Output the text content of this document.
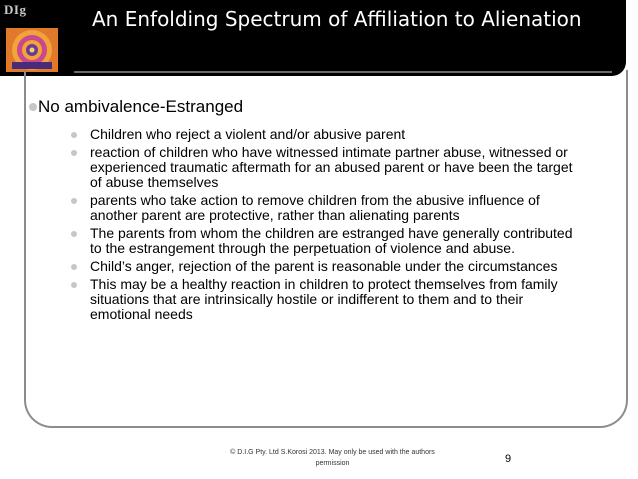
DIg	An Enfolding Spectrum of Affiliation to Alienation
No ambivalence-Estranged
Children who reject a violent and/or abusive parent
reaction of children who have witnessed intimate partner abuse, witnessed or experienced traumatic aftermath for an abused parent or have been the target of abuse themselves
parents who take action to remove children from the abusive influence of another parent are protective, rather than alienating parents
The parents from whom the children are estranged have generally contributed to the estrangement through the perpetuation of violence and abuse.
Child’s anger, rejection of the parent is reasonable under the circumstances
This may be a healthy reaction in children to protect themselves from family situations that are intrinsically hostile or indifferent to them and to their emotional needs
© D.I.G Pty. Ltd S.Korosi 2013. May only be used with the authors permission	9
